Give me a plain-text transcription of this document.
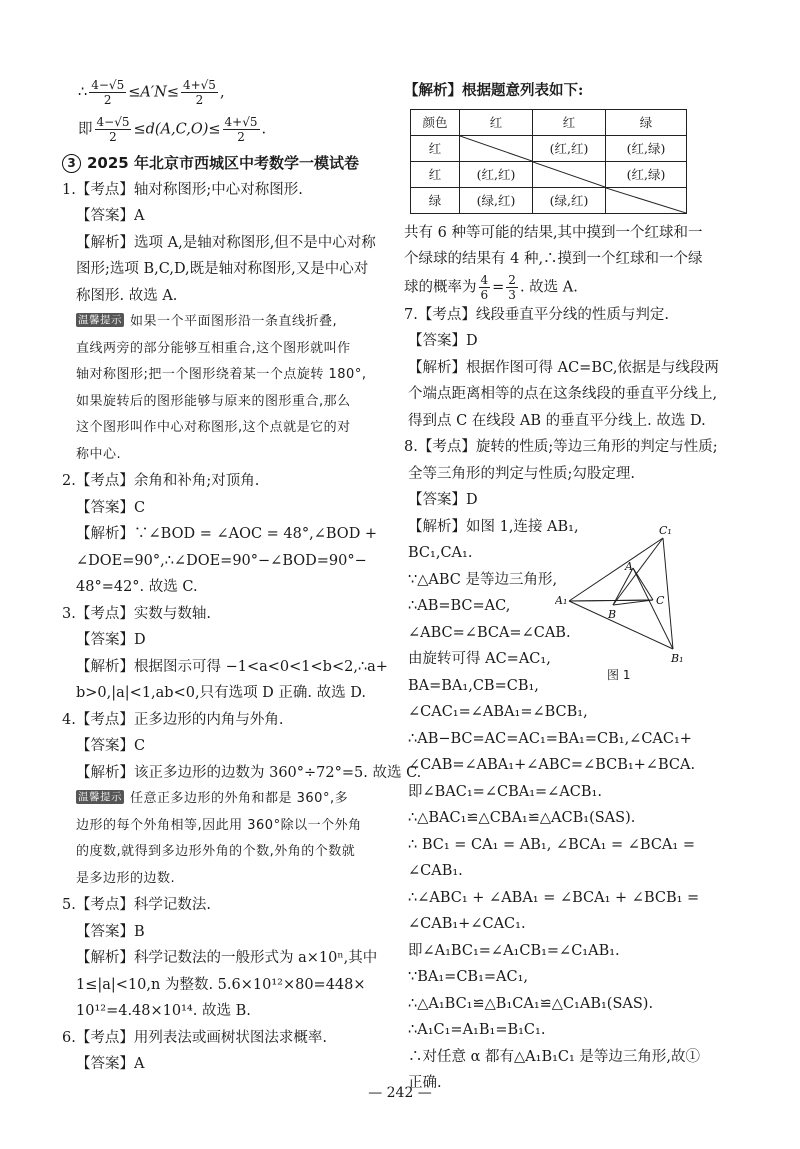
∴ $\frac{4-√5}{2} \le A'N\le \frac{4+√5}{2}$ ,
即 $\frac{4-√5}{2} \le d(A,C,O)\le \frac{4+√5}{2}$ .
3 2025 年北京市西城区中考数学一模试卷
1.【考点】轴对称图形;中心对称图形.
【答案】A
【解析】选项 A,是轴对称图形,但不是中心对称
图形;选项 B,C,D,既是轴对称图形,又是中心对
称图形. 故选 A.
温馨提示 如果一个平面图形沿一条直线折叠,
直线两旁的部分能够互相重合,这个图形就叫作
轴对称图形;把一个图形绕着某一个点旋转 180°,
如果旋转后的图形能够与原来的图形重合,那么
这个图形叫作中心对称图形,这个点就是它的对
称中心.
2.【考点】余角和补角;对顶角.
【答案】C
【解析】∵∠BOD = ∠AOC = 48°,∠BOD +
∠DOE=90°,∴∠DOE=90°−∠BOD=90°−
48°=42°. 故选 C.
3.【考点】实数与数轴.
【答案】D
【解析】根据图示可得 −1<a<0<1<b<2,∴a+
b>0,|a|<1,ab<0,只有选项 D 正确. 故选 D.
4.【考点】正多边形的内角与外角.
【答案】C
【解析】该正多边形的边数为 360°÷72°=5. 故选 C.
温馨提示 任意正多边形的外角和都是 360°,多
边形的每个外角相等,因此用 360°除以一个外角
的度数,就得到多边形外角的个数,外角的个数就
是多边形的边数.
5.【考点】科学记数法.
【答案】B
【解析】科学记数法的一般形式为 a×10ⁿ,其中
1≤|a|<10,n 为整数. 5.6×10¹²×80=448×
10¹²=4.48×10¹⁴. 故选 B.
6.【考点】用列表法或画树状图法求概率.
【答案】A
【解析】根据题意列表如下:
颜色	红	红	绿
红		(红,红)	(红,绿)
红	(红,红)		(红,绿)
绿	(绿,红)	(绿,红)	
共有 6 种等可能的结果,其中摸到一个红球和一
个绿球的结果有 4 种,∴摸到一个红球和一个绿
球的概率为 $\frac{4}{6} = \frac{2}{3}$ . 故选 A.
7.【考点】线段垂直平分线的性质与判定.
【答案】D
【解析】根据作图可得 AC=BC,依据是与线段两
个端点距离相等的点在这条线段的垂直平分线上,
得到点 C 在线段 AB 的垂直平分线上. 故选 D.
8.【考点】旋转的性质;等边三角形的判定与性质;
全等三角形的判定与性质;勾股定理.
【答案】D
【解析】如图 1,连接 AB₁,
BC₁,CA₁.
∵△ABC 是等边三角形,
∴AB=BC=AC,
∠ABC=∠BCA=∠CAB.
由旋转可得 AC=AC₁,
BA=BA₁,CB=CB₁,
∠CAC₁=∠ABA₁=∠BCB₁,
∴AB−BC=AC=AC₁=BA₁=CB₁,∠CAC₁+
∠CAB=∠ABA₁+∠ABC=∠BCB₁+∠BCA.
即∠BAC₁=∠CBA₁=∠ACB₁.
∴△BAC₁≌△CBA₁≌△ACB₁(SAS).
∴ BC₁ = CA₁ = AB₁, ∠BCA₁ = ∠BCA₁ =
∠CAB₁.
∴∠ABC₁ + ∠ABA₁ = ∠BCA₁ + ∠BCB₁ =
∠CAB₁+∠CAC₁.
即∠A₁BC₁=∠A₁CB₁=∠C₁AB₁.
∵BA₁=CB₁=AC₁,
∴△A₁BC₁≌△B₁CA₁≌△C₁AB₁(SAS).
∴A₁C₁=A₁B₁=B₁C₁.
∴对任意 α 都有△A₁B₁C₁ 是等边三角形,故①
正确.
C₁
A
C
A₁
B
B₁
图 1
— 242 —
